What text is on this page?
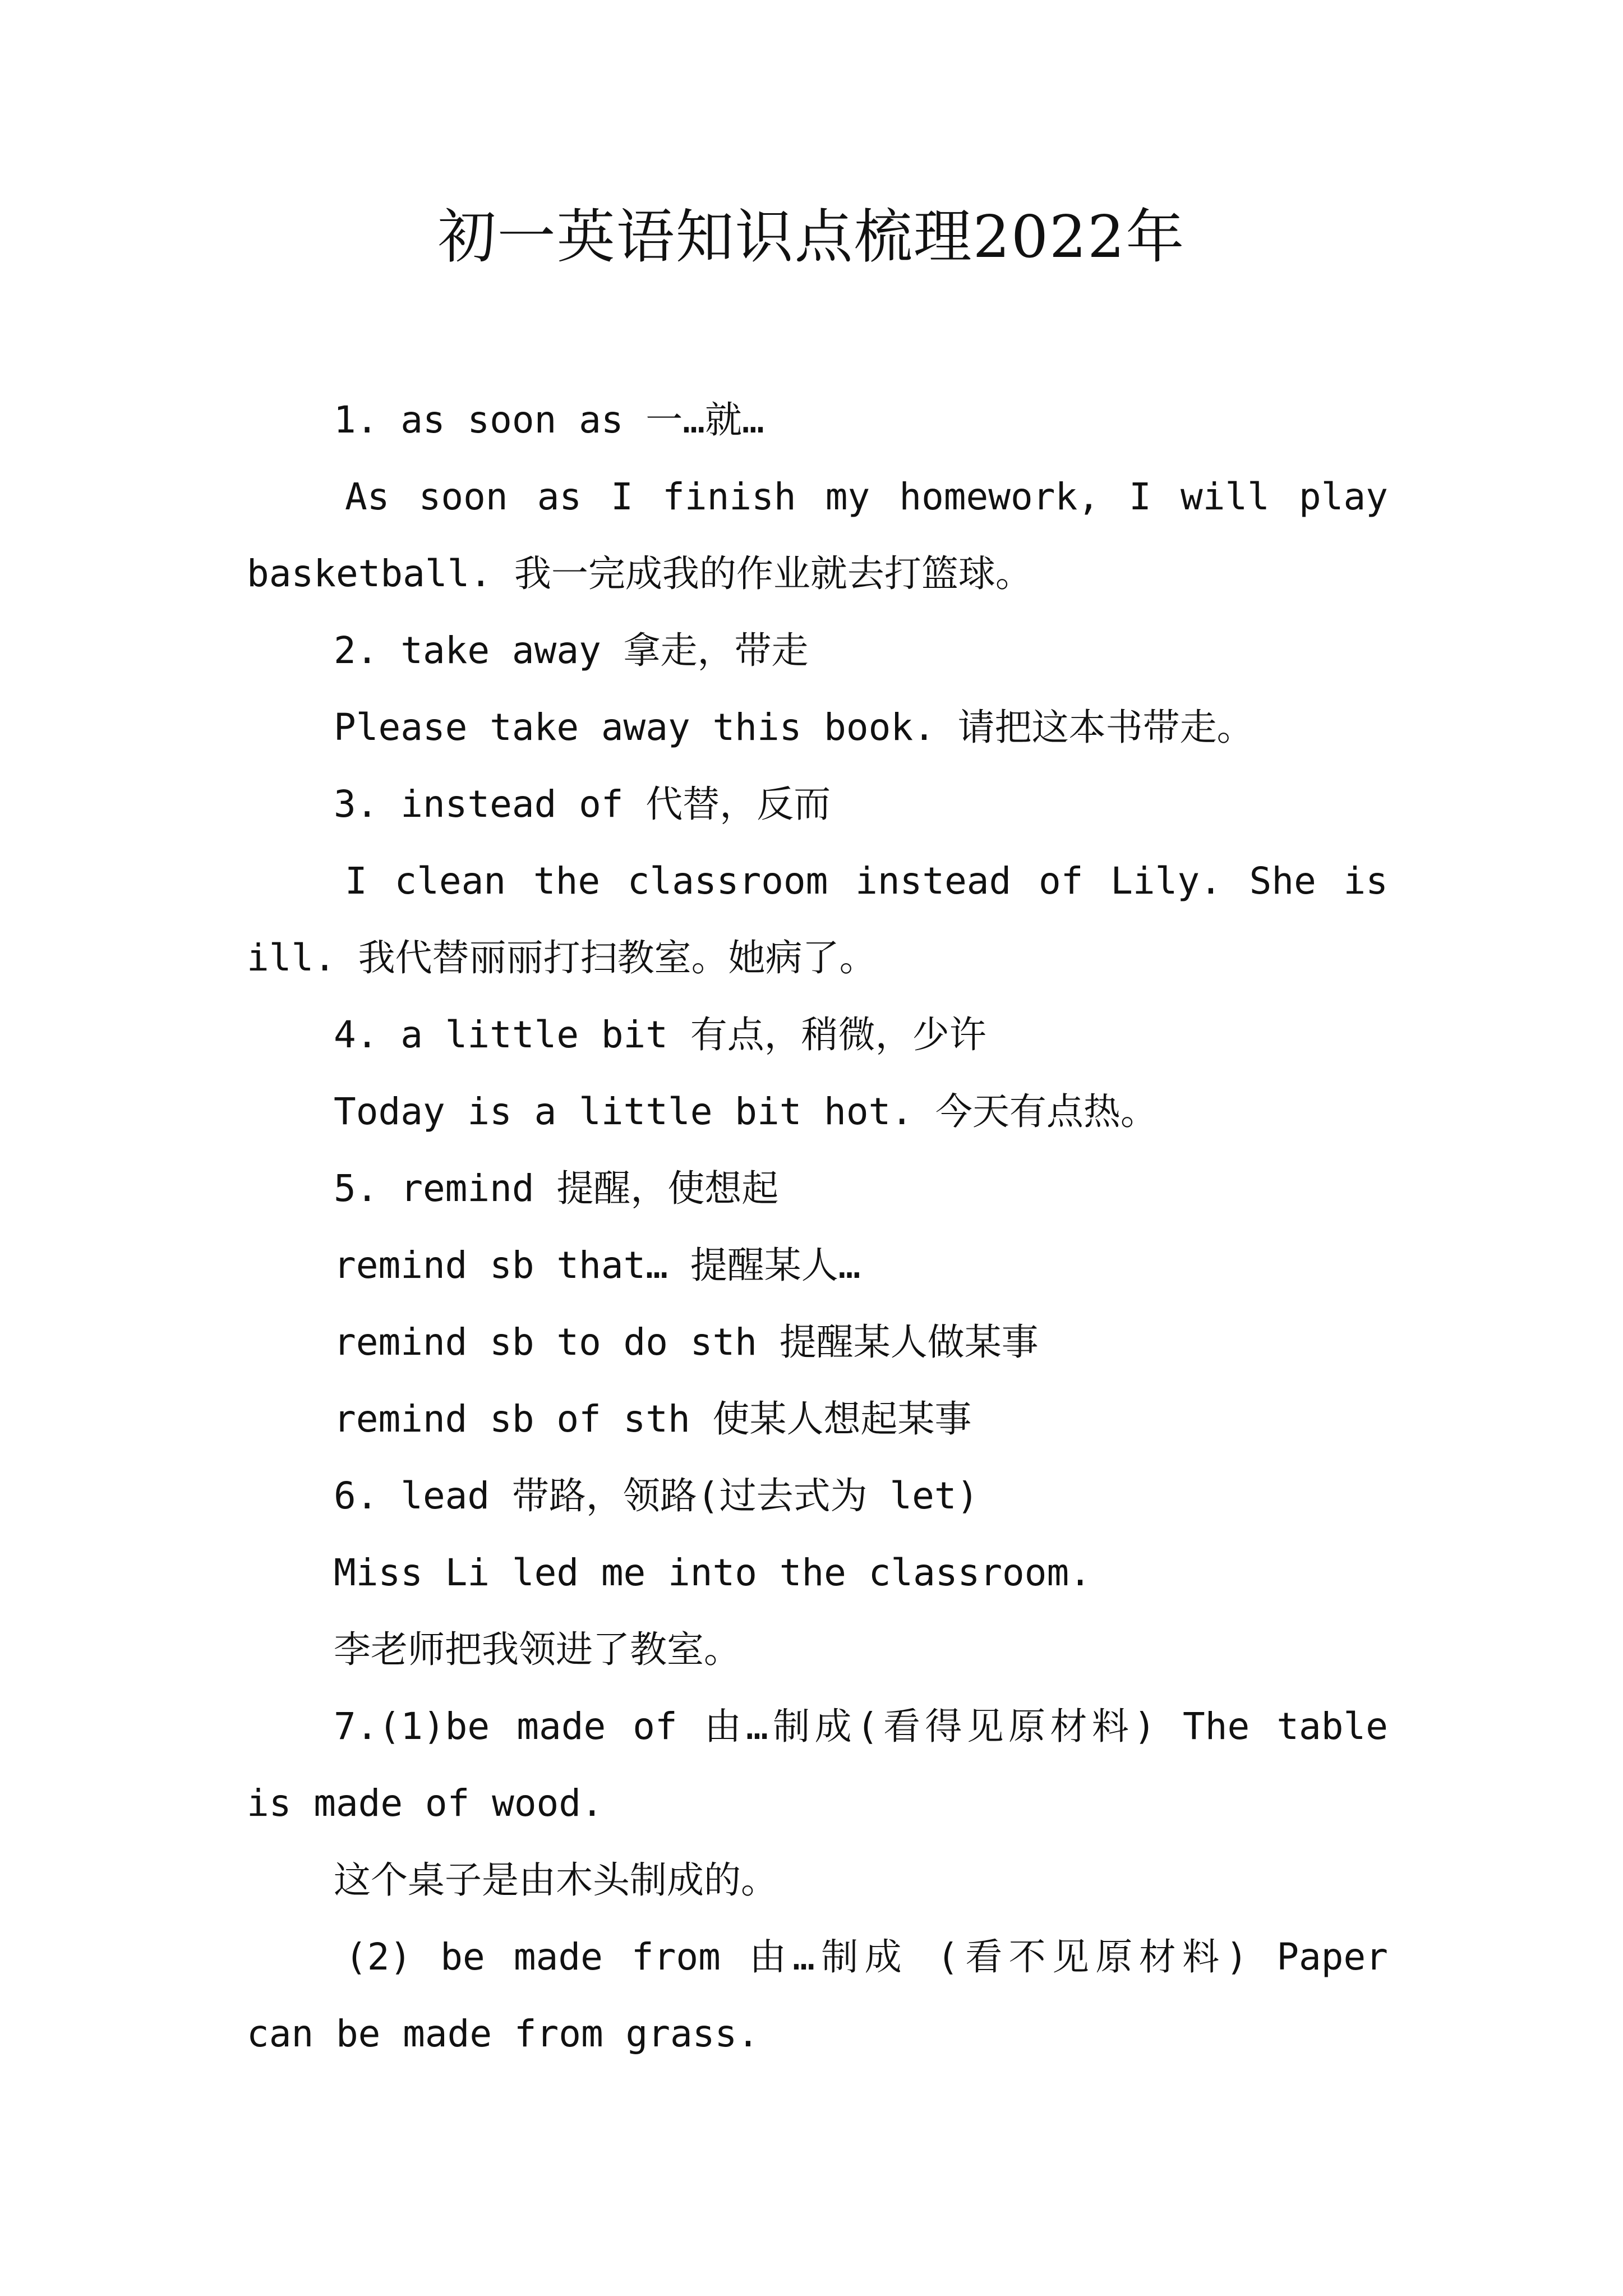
初一英语知识点梳理2022年

1. as soon as 一…就…

As soon as I finish my homework, I will play

basketball. 我一完成我的作业就去打篮球。

2. take away 拿走，带走

Please take away this book. 请把这本书带走。

3. instead of 代替，反而

I clean the classroom instead of Lily. She is

ill. 我代替丽丽打扫教室。她病了。

4. a little bit 有点，稍微，少许

Today is a little bit hot. 今天有点热。

5. remind 提醒，使想起

remind sb that… 提醒某人…

remind sb to do sth 提醒某人做某事

remind sb of sth 使某人想起某事

6. lead 带路，领路(过去式为 let)

Miss Li led me into the classroom.

李老师把我领进了教室。

7.(1)be made of 由…制成(看得见原材料) The table

is made of wood.

这个桌子是由木头制成的。

(2) be made from 由…制成 (看不见原材料) Paper

can be made from grass.
